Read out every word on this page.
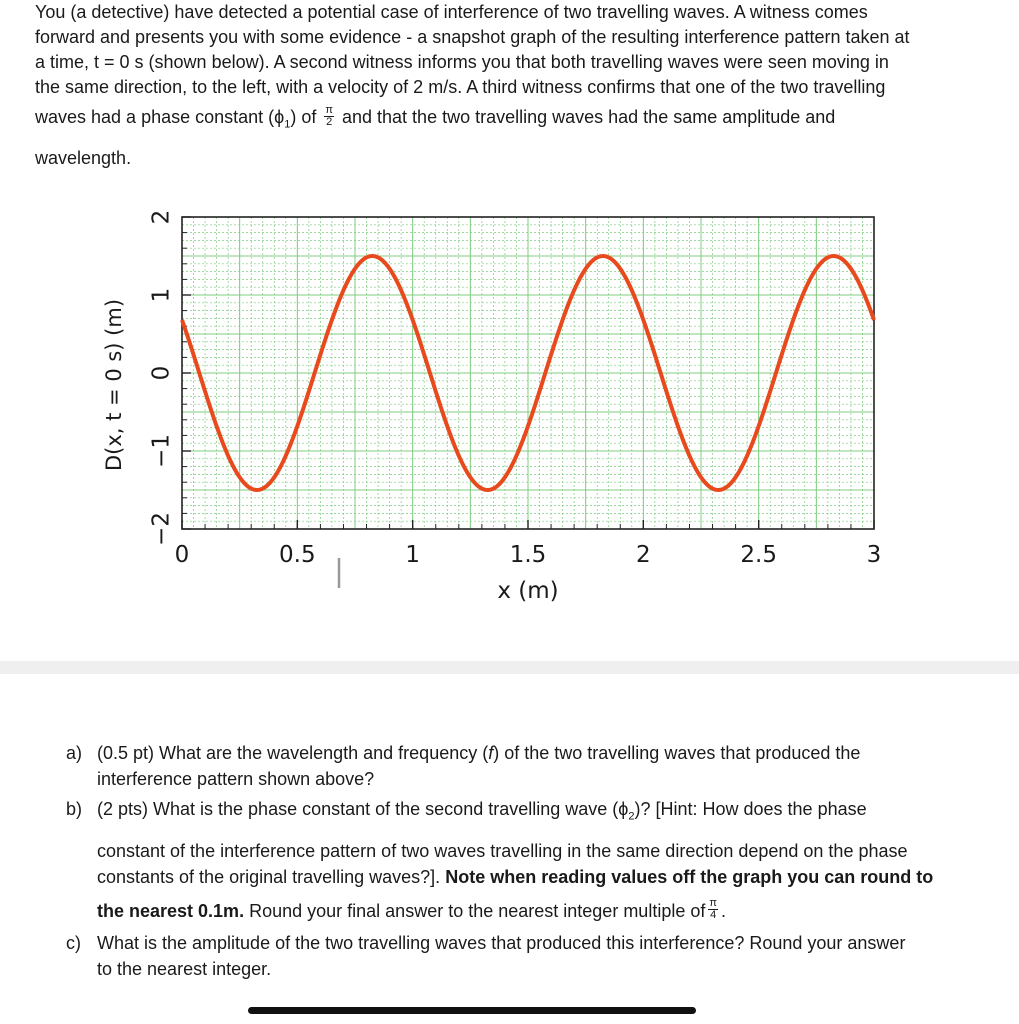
You (a detective) have detected a potential case of interference of two travelling waves. A witness comes

forward and presents you with some evidence - a snapshot graph of the resulting interference pattern taken at

a time, t = 0 s (shown below). A second witness informs you that both travelling waves were seen moving in

the same direction, to the left, with a velocity of 2 m/s. A third witness confirms that one of the two travelling

waves had a phase constant $(\phi_1)$ of $\frac{\pi}{2}$ and that the two travelling waves had the same amplitude and

wavelength.

2
1
0
−1
−2
0	0.5	1	1.5	2	2.5	3
x (m)
D(x, t = 0 s) (m)
a) (0.5 pt) What are the wavelength and frequency (f) of the two travelling waves that produced the

interference pattern shown above?

b) (2 pts) What is the phase constant of the second travelling wave $(\phi_2)$? [Hint: How does the phase

constant of the interference pattern of two waves travelling in the same direction depend on the phase

constants of the original travelling waves?]. Note when reading values off the graph you can round to

the nearest 0.1m. Round your final answer to the nearest integer multiple of $\frac{\pi}{4}$ .

c) What is the amplitude of the two travelling waves that produced this interference? Round your answer

to the nearest integer.
